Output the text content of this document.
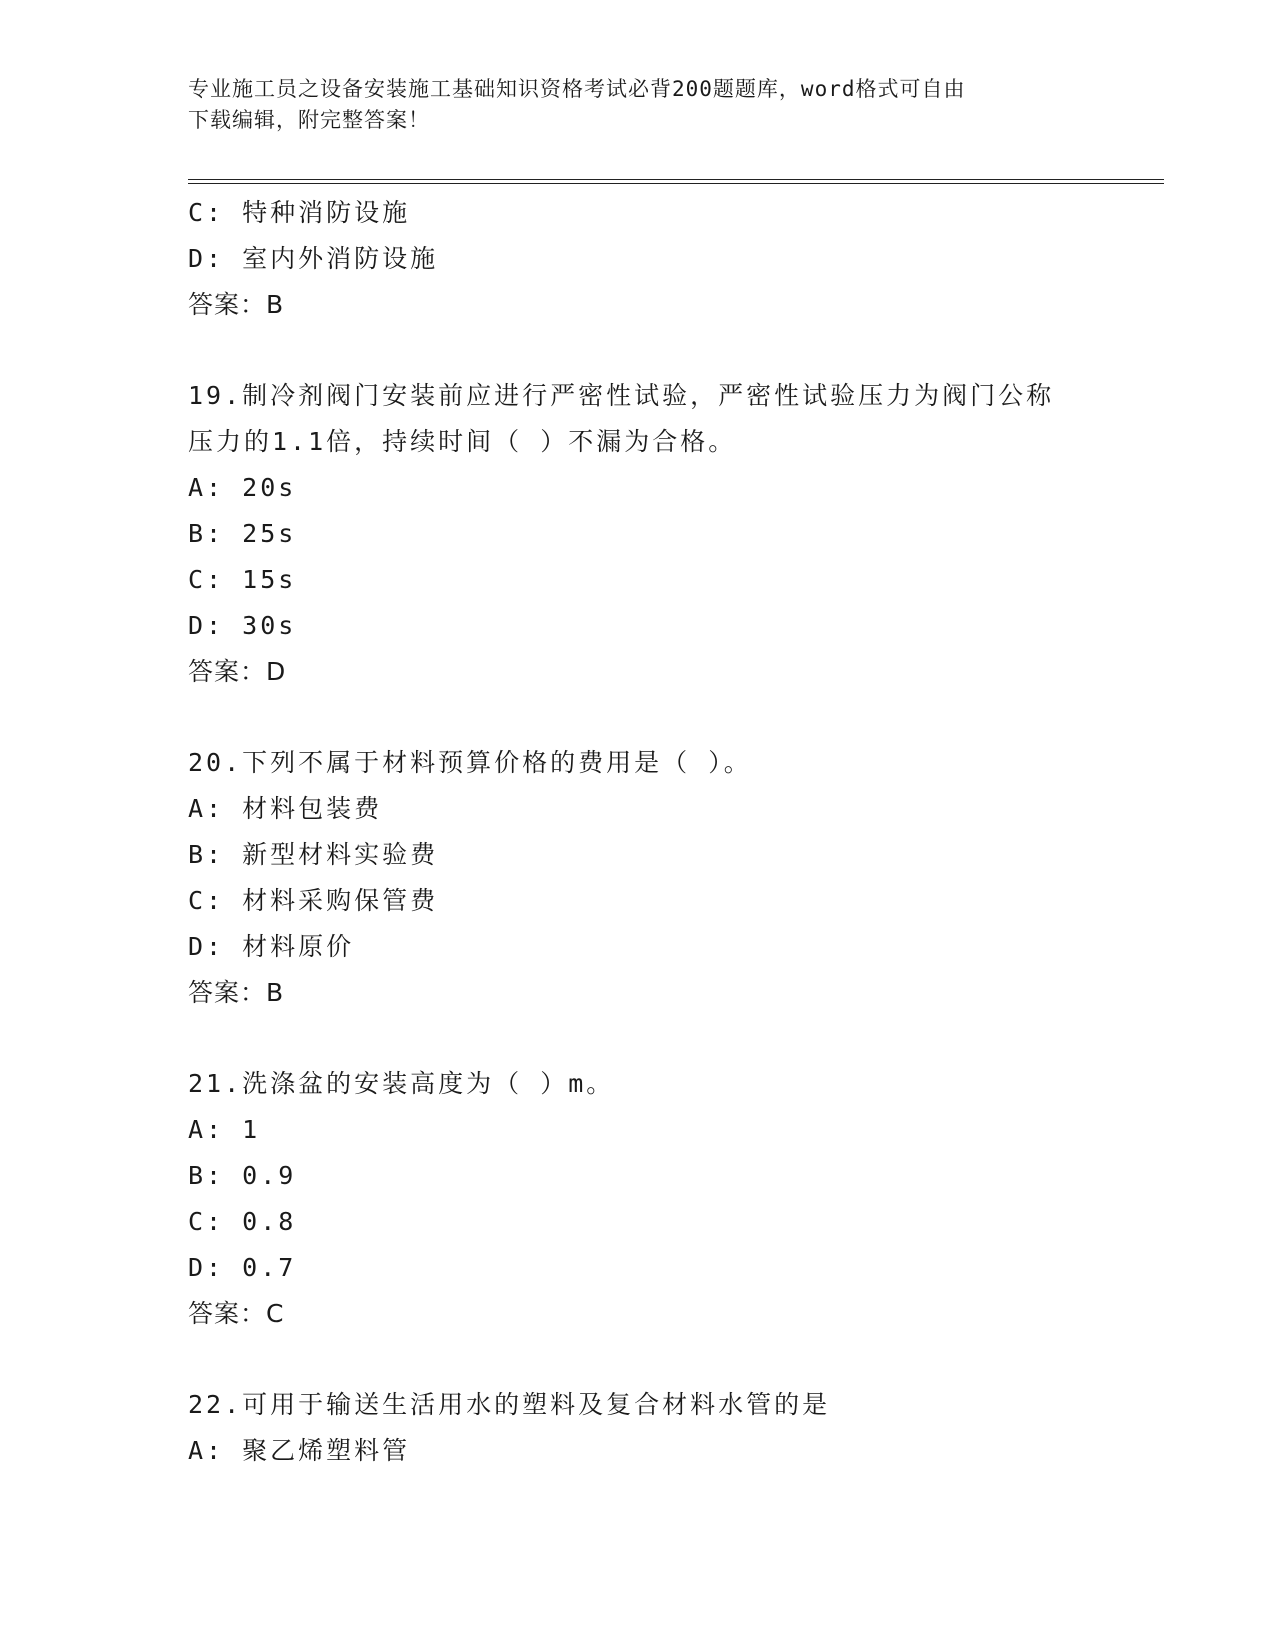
专业施工员之设备安装施工基础知识资格考试必背200题题库，word格式可自由
下载编辑，附完整答案！
C: 特种消防设施
D: 室内外消防设施
答案：B
19.制冷剂阀门安装前应进行严密性试验，严密性试验压力为阀门公称
压力的1.1倍，持续时间（ ）不漏为合格。
A: 20s
B: 25s
C: 15s
D: 30s
答案：D
20.下列不属于材料预算价格的费用是（ ）。
A: 材料包装费
B: 新型材料实验费
C: 材料采购保管费
D: 材料原价
答案：B
21.洗涤盆的安装高度为（ ）m。
A: 1
B: 0.9
C: 0.8
D: 0.7
答案：C
22.可用于输送生活用水的塑料及复合材料水管的是
A: 聚乙烯塑料管
